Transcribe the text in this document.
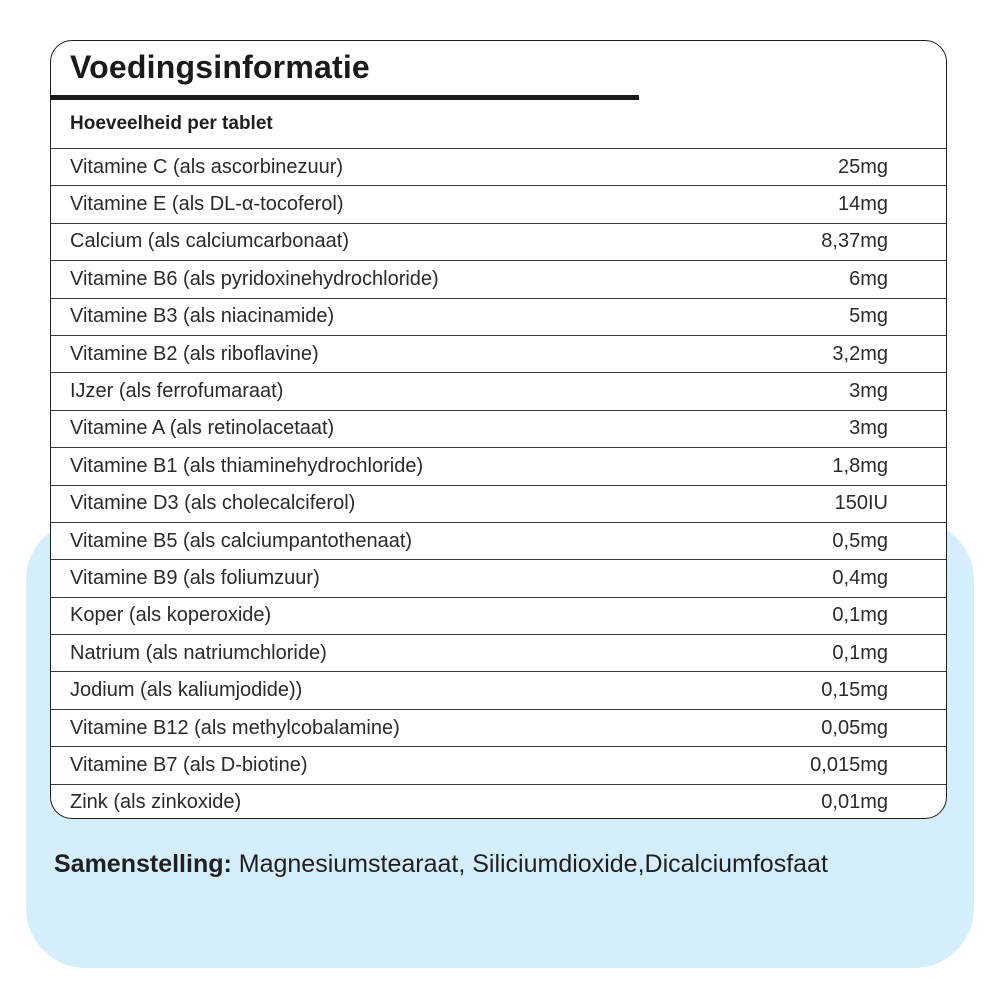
Voedingsinformatie
Hoeveelheid per tablet
Vitamine C (als ascorbinezuur)	25mg
Vitamine E (als DL-α-tocoferol)	14mg
Calcium (als calciumcarbonaat)	8,37mg
Vitamine B6 (als pyridoxinehydrochloride)	6mg
Vitamine B3 (als niacinamide)	5mg
Vitamine B2 (als riboflavine)	3,2mg
IJzer (als ferrofumaraat)	3mg
Vitamine A (als retinolacetaat)	3mg
Vitamine B1 (als thiaminehydrochloride)	1,8mg
Vitamine D3 (als cholecalciferol)	150IU
Vitamine B5 (als calciumpantothenaat)	0,5mg
Vitamine B9 (als foliumzuur)	0,4mg
Koper (als koperoxide)	0,1mg
Natrium (als natriumchloride)	0,1mg
Jodium (als kaliumjodide))	0,15mg
Vitamine B12 (als methylcobalamine)	0,05mg
Vitamine B7 (als D-biotine)	0,015mg
Zink (als zinkoxide)	0,01mg
Samenstelling: Magnesiumstearaat, Siliciumdioxide,Dicalciumfosfaat
